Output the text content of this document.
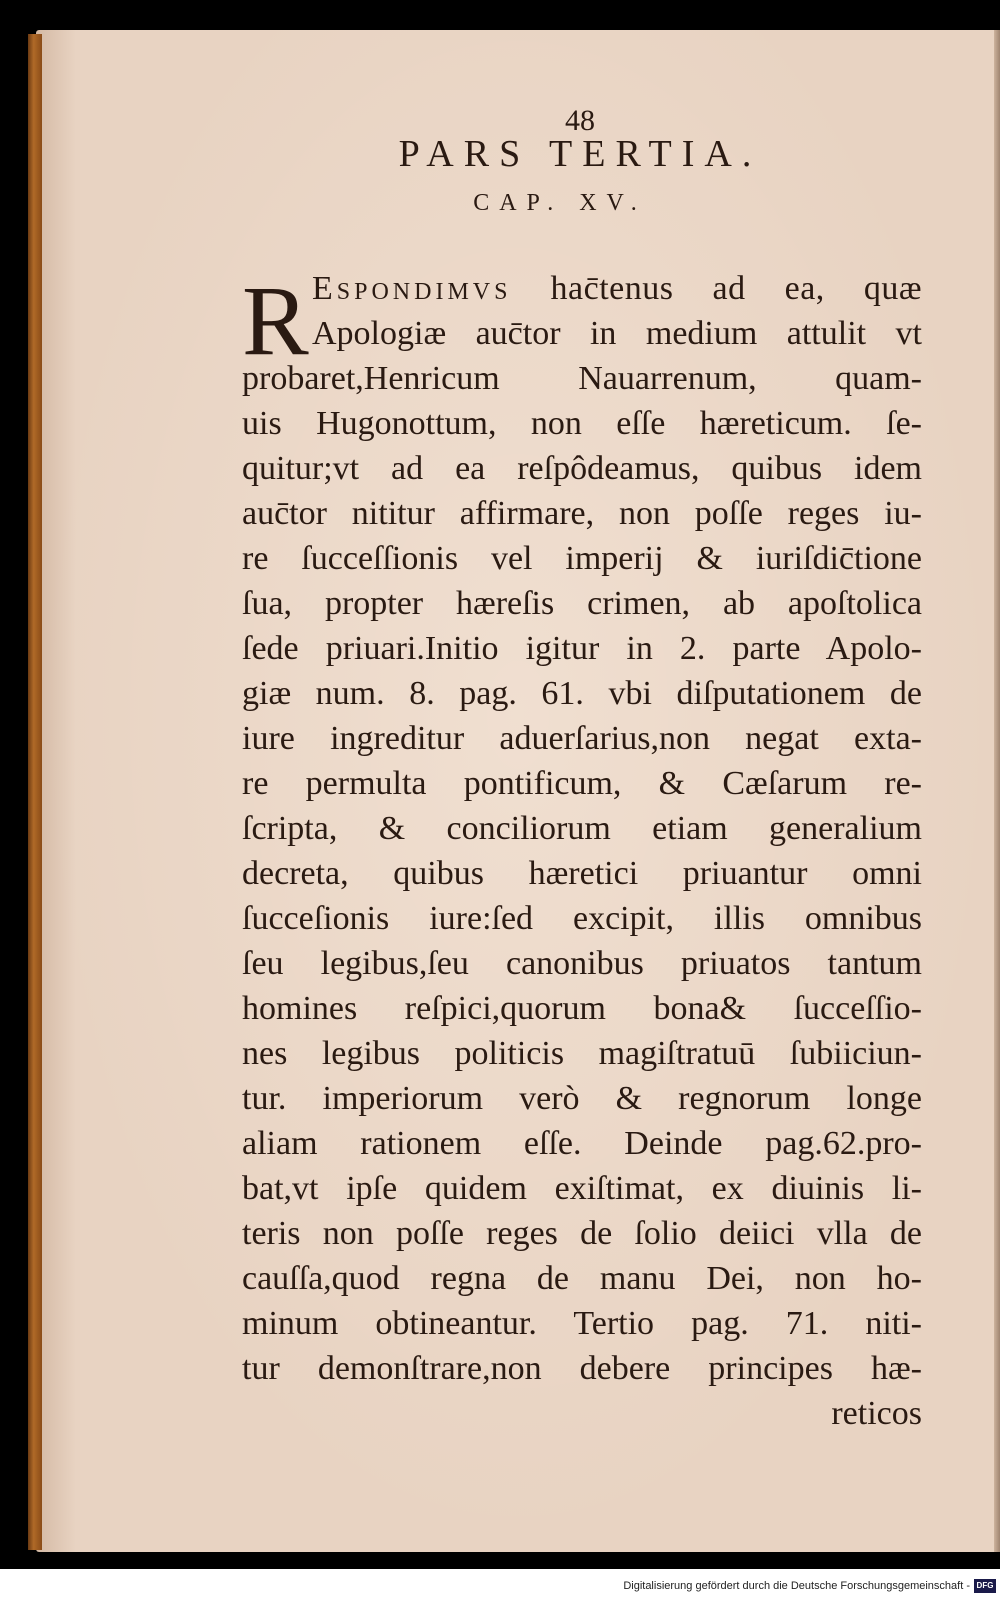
48
PARS TERTIA.
CAP. XV.
R Espondimvs hac̄tenus ad ea, quæ
Apologiæ auc̄tor in medium attulit vt
probaret,Henricum Nauarrenum, quam-
uis Hugonottum, non eſſe hæreticum. ſe-
quitur;vt ad ea reſpôdeamus, quibus idem
auc̄tor nititur affirmare, non poſſe reges iu-
re ſucceſſionis vel imperij & iuriſdic̄tione
ſua, propter hæreſis crimen, ab apoſtolica
ſede priuari.Initio igitur in 2. parte Apolo-
giæ num. 8. pag. 61. vbi diſputationem de
iure ingreditur aduerſarius,non negat exta-
re permulta pontificum, & Cæſarum re-
ſcripta, & conciliorum etiam generalium
decreta, quibus hæretici priuantur omni
ſucceſionis iure:ſed excipit, illis omnibus
ſeu legibus,ſeu canonibus priuatos tantum
homines reſpici,quorum bona& ſucceſſio-
nes legibus politicis magiſtratuū ſubiiciun-
tur. imperiorum verò & regnorum longe
aliam rationem eſſe. Deinde pag.62.pro-
bat,vt ipſe quidem exiſtimat, ex diuinis li-
teris non poſſe reges de ſolio deiici vlla de
cauſſa,quod regna de manu Dei, non ho-
minum obtineantur. Tertio pag. 71. niti-
tur demonſtrare,non debere principes hæ-
reticos
Digitalisierung gefördert durch die Deutsche Forschungsgemeinschaft - DFG
